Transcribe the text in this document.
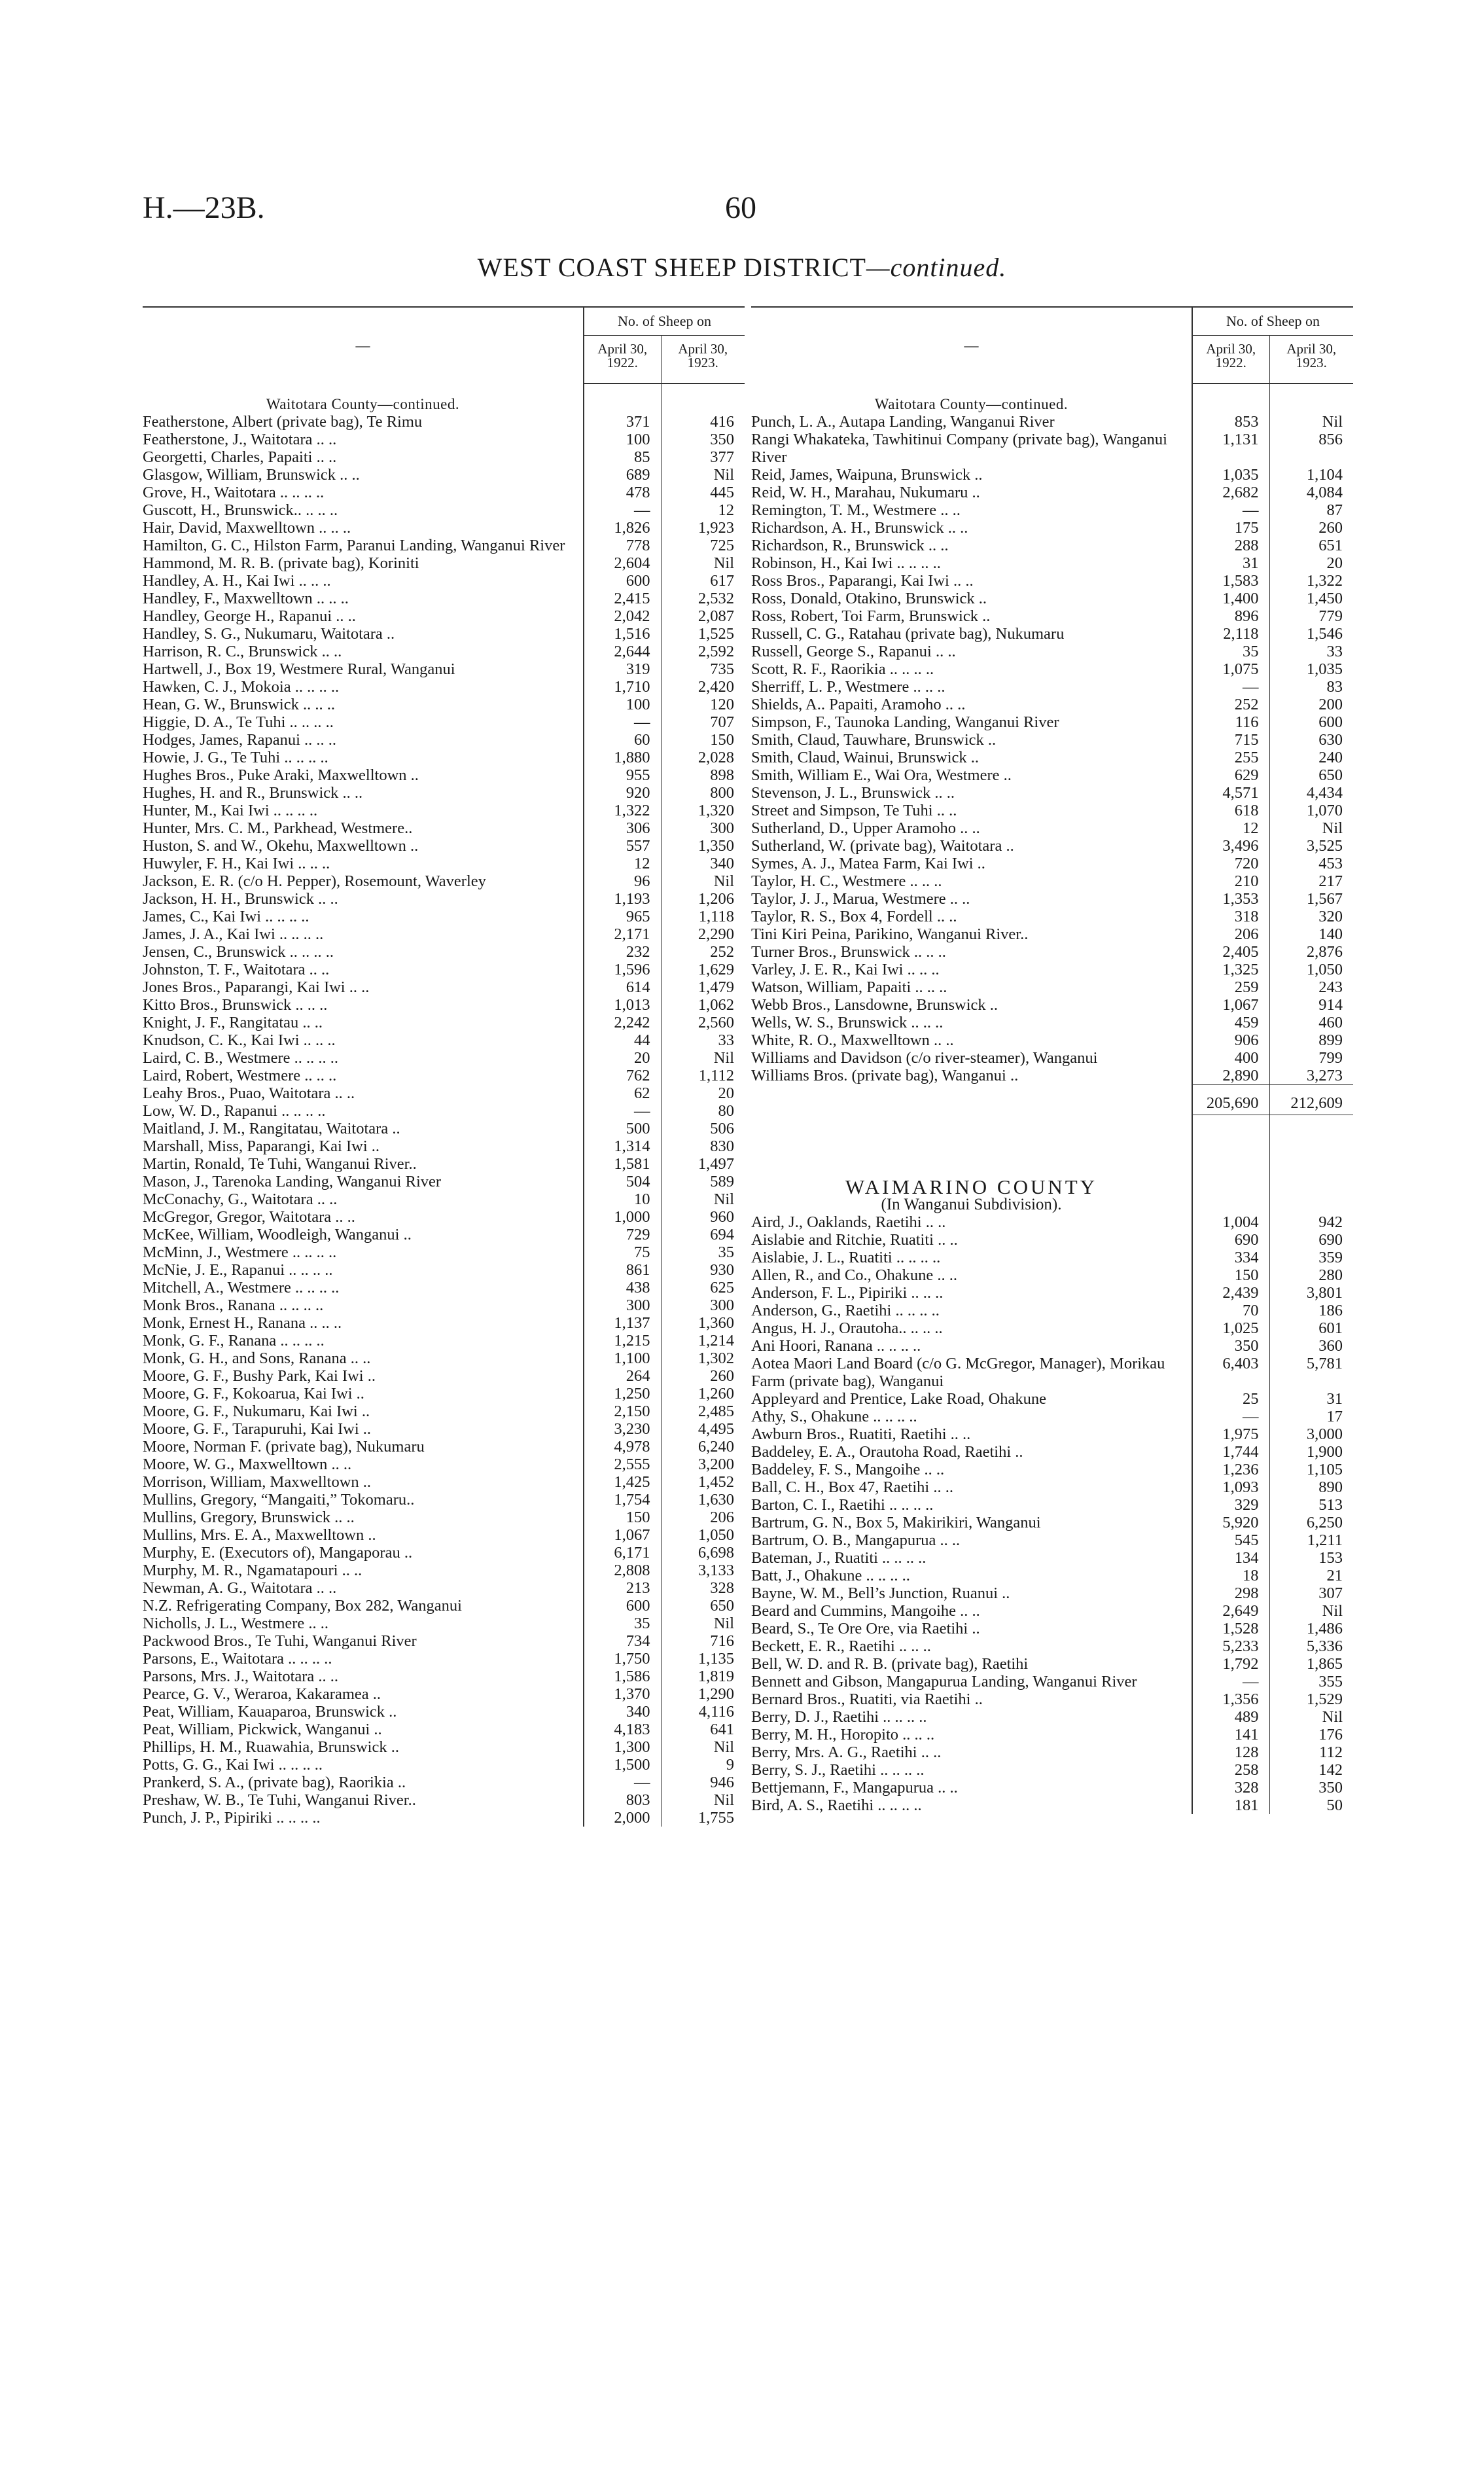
H.—23B.	60
WEST COAST SHEEP DISTRICT—continued.
—	No. of Sheep on	
	April 30, 1922.	April 30, 1923.
Waitotara County—continued.		
Featherstone, Albert (private bag), Te Rimu	371	416
Featherstone, J., Waitotara .. ..	100	350
Georgetti, Charles, Papaiti .. ..	85	377
Glasgow, William, Brunswick .. ..	689	Nil
Grove, H., Waitotara .. .. .. ..	478	445
Guscott, H., Brunswick.. .. .. ..	—	12
Hair, David, Maxwelltown .. .. ..	1,826	1,923
Hamilton, G. C., Hilston Farm, Paranui Landing, Wanganui River	778	725
Hammond, M. R. B. (private bag), Koriniti	2,604	Nil
Handley, A. H., Kai Iwi .. .. ..	600	617
Handley, F., Maxwelltown .. .. ..	2,415	2,532
Handley, George H., Rapanui .. ..	2,042	2,087
Handley, S. G., Nukumaru, Waitotara ..	1,516	1,525
Harrison, R. C., Brunswick .. ..	2,644	2,592
Hartwell, J., Box 19, Westmere Rural, Wanganui	319	735
Hawken, C. J., Mokoia .. .. .. ..	1,710	2,420
Hean, G. W., Brunswick .. .. ..	100	120
Higgie, D. A., Te Tuhi .. .. .. ..	—	707
Hodges, James, Rapanui .. .. ..	60	150
Howie, J. G., Te Tuhi .. .. .. ..	1,880	2,028
Hughes Bros., Puke Araki, Maxwelltown ..	955	898
Hughes, H. and R., Brunswick .. ..	920	800
Hunter, M., Kai Iwi .. .. .. ..	1,322	1,320
Hunter, Mrs. C. M., Parkhead, Westmere..	306	300
Huston, S. and W., Okehu, Maxwelltown ..	557	1,350
Huwyler, F. H., Kai Iwi .. .. ..	12	340
Jackson, E. R. (c/o H. Pepper), Rosemount, Waverley	96	Nil
Jackson, H. H., Brunswick .. ..	1,193	1,206
James, C., Kai Iwi .. .. .. ..	965	1,118
James, J. A., Kai Iwi .. .. .. ..	2,171	2,290
Jensen, C., Brunswick .. .. .. ..	232	252
Johnston, T. F., Waitotara .. ..	1,596	1,629
Jones Bros., Paparangi, Kai Iwi .. ..	614	1,479
Kitto Bros., Brunswick .. .. ..	1,013	1,062
Knight, J. F., Rangitatau .. ..	2,242	2,560
Knudson, C. K., Kai Iwi .. .. ..	44	33
Laird, C. B., Westmere .. .. .. ..	20	Nil
Laird, Robert, Westmere .. .. ..	762	1,112
Leahy Bros., Puao, Waitotara .. ..	62	20
Low, W. D., Rapanui .. .. .. ..	—	80
Maitland, J. M., Rangitatau, Waitotara ..	500	506
Marshall, Miss, Paparangi, Kai Iwi ..	1,314	830
Martin, Ronald, Te Tuhi, Wanganui River..	1,581	1,497
Mason, J., Tarenoka Landing, Wanganui River	504	589
McConachy, G., Waitotara .. ..	10	Nil
McGregor, Gregor, Waitotara .. ..	1,000	960
McKee, William, Woodleigh, Wanganui ..	729	694
McMinn, J., Westmere .. .. .. ..	75	35
McNie, J. E., Rapanui .. .. .. ..	861	930
Mitchell, A., Westmere .. .. .. ..	438	625
Monk Bros., Ranana .. .. .. ..	300	300
Monk, Ernest H., Ranana .. .. ..	1,137	1,360
Monk, G. F., Ranana .. .. .. ..	1,215	1,214
Monk, G. H., and Sons, Ranana .. ..	1,100	1,302
Moore, G. F., Bushy Park, Kai Iwi ..	264	260
Moore, G. F., Kokoarua, Kai Iwi ..	1,250	1,260
Moore, G. F., Nukumaru, Kai Iwi ..	2,150	2,485
Moore, G. F., Tarapuruhi, Kai Iwi ..	3,230	4,495
Moore, Norman F. (private bag), Nukumaru	4,978	6,240
Moore, W. G., Maxwelltown .. ..	2,555	3,200
Morrison, William, Maxwelltown ..	1,425	1,452
Mullins, Gregory, “Mangaiti,” Tokomaru..	1,754	1,630
Mullins, Gregory, Brunswick .. ..	150	206
Mullins, Mrs. E. A., Maxwelltown ..	1,067	1,050
Murphy, E. (Executors of), Mangaporau ..	6,171	6,698
Murphy, M. R., Ngamatapouri .. ..	2,808	3,133
Newman, A. G., Waitotara .. ..	213	328
N.Z. Refrigerating Company, Box 282, Wanganui	600	650
Nicholls, J. L., Westmere .. ..	35	Nil
Packwood Bros., Te Tuhi, Wanganui River	734	716
Parsons, E., Waitotara .. .. .. ..	1,750	1,135
Parsons, Mrs. J., Waitotara .. ..	1,586	1,819
Pearce, G. V., Weraroa, Kakaramea ..	1,370	1,290
Peat, William, Kauaparoa, Brunswick ..	340	4,116
Peat, William, Pickwick, Wanganui ..	4,183	641
Phillips, H. M., Ruawahia, Brunswick ..	1,300	Nil
Potts, G. G., Kai Iwi .. .. .. ..	1,500	9
Prankerd, S. A., (private bag), Raorikia ..	—	946
Preshaw, W. B., Te Tuhi, Wanganui River..	803	Nil
Punch, J. P., Pipiriki .. .. .. ..	2,000	1,755
—	No. of Sheep on	
	April 30, 1922.	April 30, 1923.
Waitotara County—continued.		
Punch, L. A., Autapa Landing, Wanganui River	853	Nil
Rangi Whakateka, Tawhitinui Company (private bag), Wanganui River	1,131	856
Reid, James, Waipuna, Brunswick ..	1,035	1,104
Reid, W. H., Marahau, Nukumaru ..	2,682	4,084
Remington, T. M., Westmere .. ..	—	87
Richardson, A. H., Brunswick .. ..	175	260
Richardson, R., Brunswick .. ..	288	651
Robinson, H., Kai Iwi .. .. .. ..	31	20
Ross Bros., Paparangi, Kai Iwi .. ..	1,583	1,322
Ross, Donald, Otakino, Brunswick ..	1,400	1,450
Ross, Robert, Toi Farm, Brunswick ..	896	779
Russell, C. G., Ratahau (private bag), Nukumaru	2,118	1,546
Russell, George S., Rapanui .. ..	35	33
Scott, R. F., Raorikia .. .. .. ..	1,075	1,035
Sherriff, L. P., Westmere .. .. ..	—	83
Shields, A.. Papaiti, Aramoho .. ..	252	200
Simpson, F., Taunoka Landing, Wanganui River	116	600
Smith, Claud, Tauwhare, Brunswick ..	715	630
Smith, Claud, Wainui, Brunswick ..	255	240
Smith, William E., Wai Ora, Westmere ..	629	650
Stevenson, J. L., Brunswick .. ..	4,571	4,434
Street and Simpson, Te Tuhi .. ..	618	1,070
Sutherland, D., Upper Aramoho .. ..	12	Nil
Sutherland, W. (private bag), Waitotara ..	3,496	3,525
Symes, A. J., Matea Farm, Kai Iwi ..	720	453
Taylor, H. C., Westmere .. .. ..	210	217
Taylor, J. J., Marua, Westmere .. ..	1,353	1,567
Taylor, R. S., Box 4, Fordell .. ..	318	320
Tini Kiri Peina, Parikino, Wanganui River..	206	140
Turner Bros., Brunswick .. .. ..	2,405	2,876
Varley, J. E. R., Kai Iwi .. .. ..	1,325	1,050
Watson, William, Papaiti .. .. ..	259	243
Webb Bros., Lansdowne, Brunswick ..	1,067	914
Wells, W. S., Brunswick .. .. ..	459	460
White, R. O., Maxwelltown .. ..	906	899
Williams and Davidson (c/o river-steamer), Wanganui	400	799
Williams Bros. (private bag), Wanganui ..	2,890	3,273
	205,690	212,609

WAIMARINO COUNTY		
(In Wanganui Subdivision).		
Aird, J., Oaklands, Raetihi .. ..	1,004	942
Aislabie and Ritchie, Ruatiti .. ..	690	690
Aislabie, J. L., Ruatiti .. .. .. ..	334	359
Allen, R., and Co., Ohakune .. ..	150	280
Anderson, F. L., Pipiriki .. .. ..	2,439	3,801
Anderson, G., Raetihi .. .. .. ..	70	186
Angus, H. J., Orautoha.. .. .. ..	1,025	601
Ani Hoori, Ranana .. .. .. ..	350	360
Aotea Maori Land Board (c/o G. McGregor, Manager), Morikau Farm (private bag), Wanganui	6,403	5,781
Appleyard and Prentice, Lake Road, Ohakune	25	31
Athy, S., Ohakune .. .. .. ..	—	17
Awburn Bros., Ruatiti, Raetihi .. ..	1,975	3,000
Baddeley, E. A., Orautoha Road, Raetihi ..	1,744	1,900
Baddeley, F. S., Mangoihe .. ..	1,236	1,105
Ball, C. H., Box 47, Raetihi .. ..	1,093	890
Barton, C. I., Raetihi .. .. .. ..	329	513
Bartrum, G. N., Box 5, Makirikiri, Wanganui	5,920	6,250
Bartrum, O. B., Mangapurua .. ..	545	1,211
Bateman, J., Ruatiti .. .. .. ..	134	153
Batt, J., Ohakune .. .. .. ..	18	21
Bayne, W. M., Bell’s Junction, Ruanui ..	298	307
Beard and Cummins, Mangoihe .. ..	2,649	Nil
Beard, S., Te Ore Ore, via Raetihi ..	1,528	1,486
Beckett, E. R., Raetihi .. .. ..	5,233	5,336
Bell, W. D. and R. B. (private bag), Raetihi	1,792	1,865
Bennett and Gibson, Mangapurua Landing, Wanganui River	—	355
Bernard Bros., Ruatiti, via Raetihi ..	1,356	1,529
Berry, D. J., Raetihi .. .. .. ..	489	Nil
Berry, M. H., Horopito .. .. ..	141	176
Berry, Mrs. A. G., Raetihi .. ..	128	112
Berry, S. J., Raetihi .. .. .. ..	258	142
Bettjemann, F., Mangapurua .. ..	328	350
Bird, A. S., Raetihi .. .. .. ..	181	50
